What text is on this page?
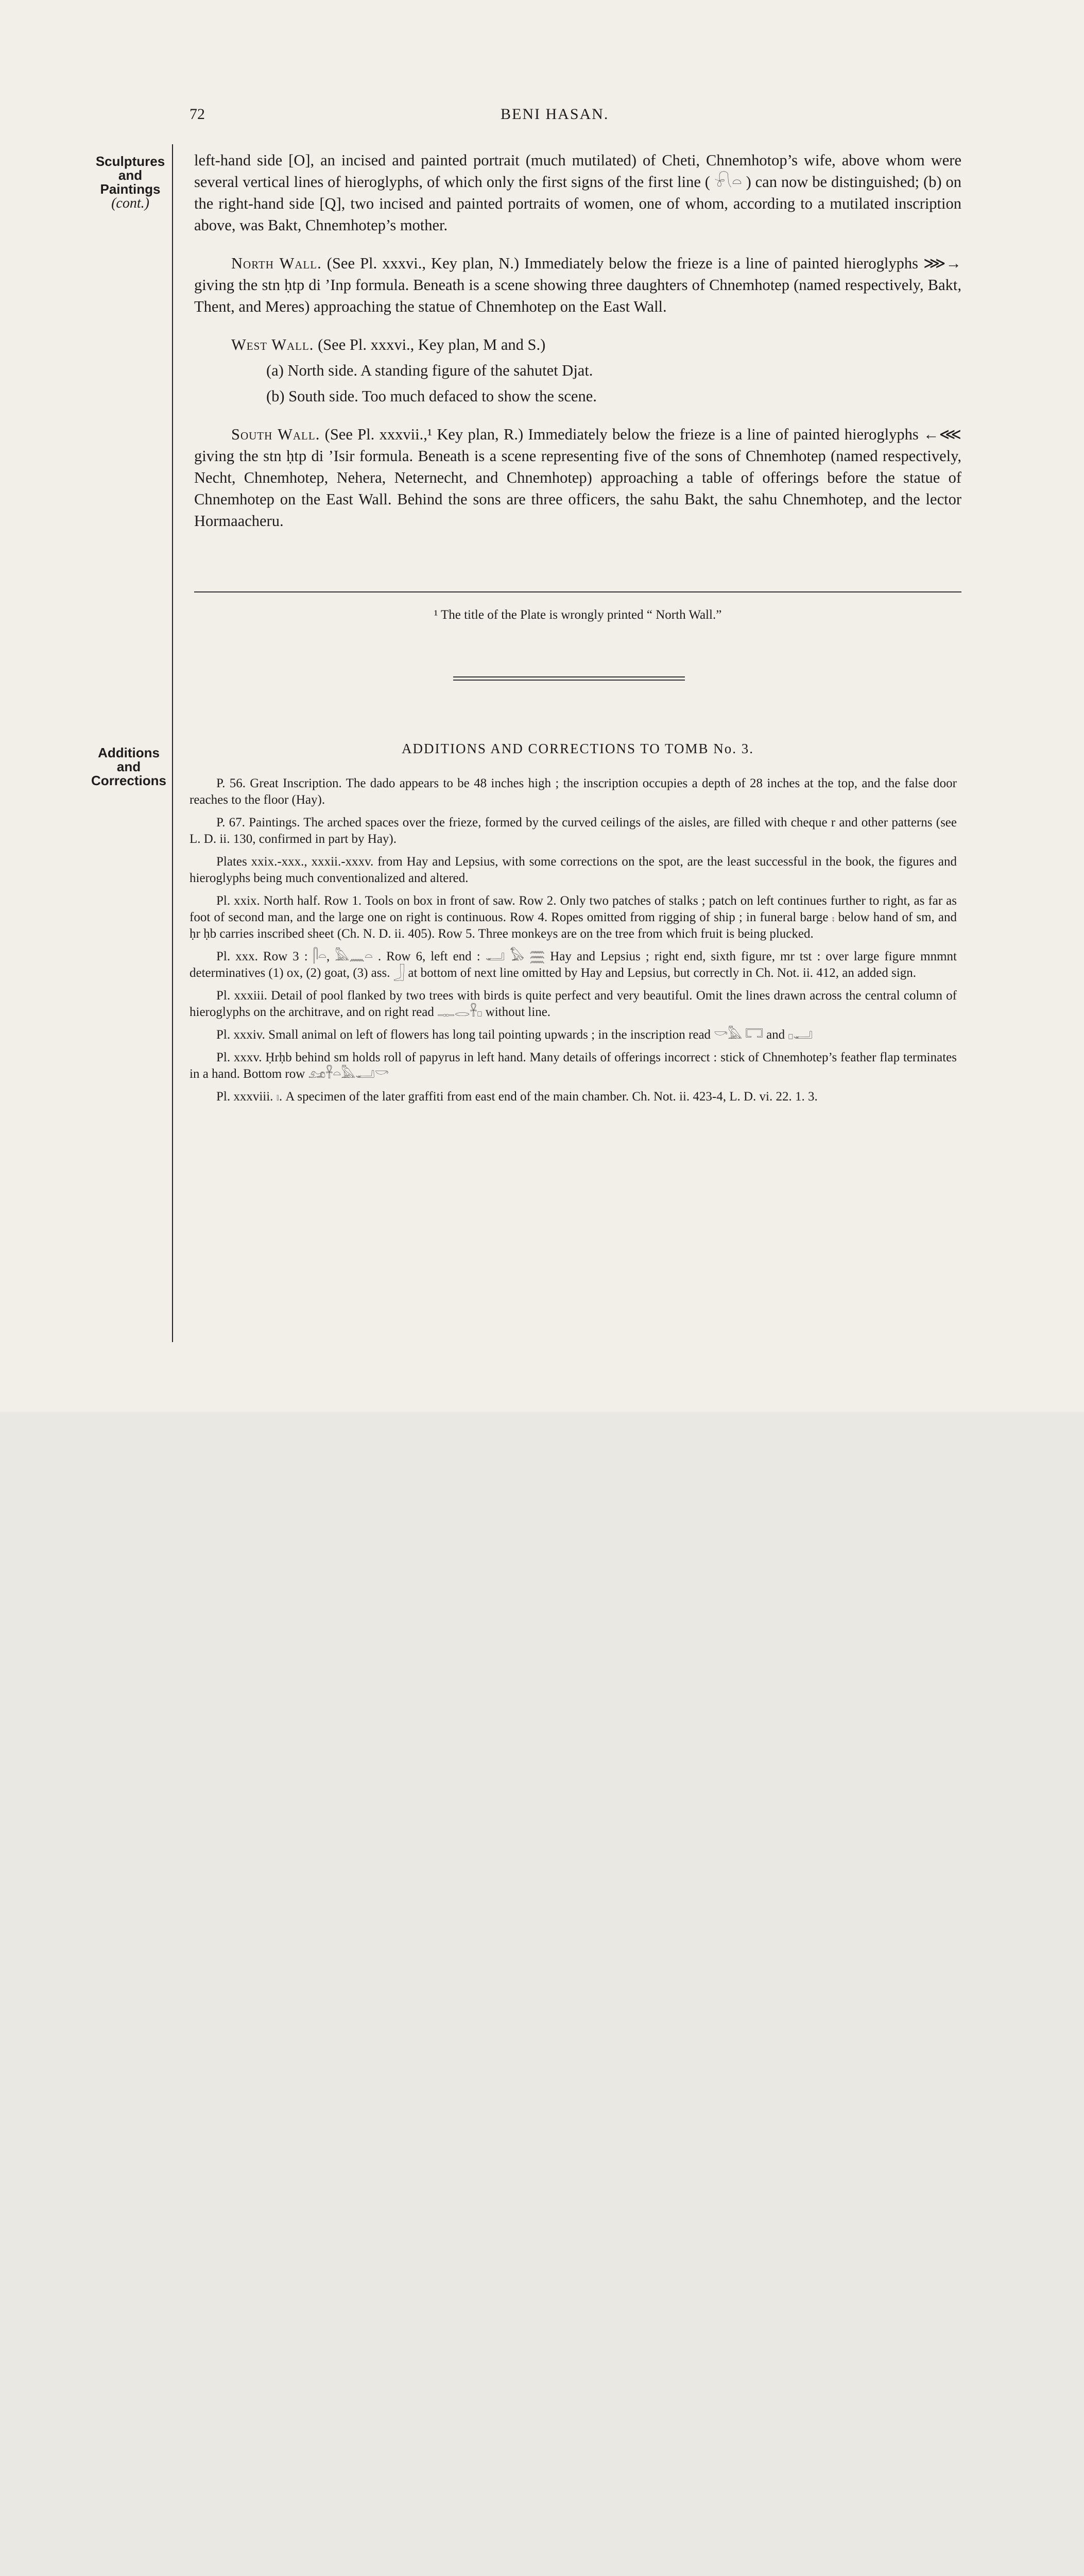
72	BENI HASAN.
Sculptures
and
Paintings
(cont.)
Additions
and
Corrections

left-hand side [O], an incised and painted portrait (much mutilated) of Cheti, Chnemhotop’s wife, above whom were several vertical lines of hieroglyphs, of which only the first signs of the first line ( 𓍯𓏏 ) can now be distinguished; (b) on the right-hand side [Q], two incised and painted portraits of women, one of whom, according to a mutilated inscription above, was Bakt, Chnemhotep’s mother.

North Wall. (See Pl. xxxvi., Key plan, N.) Immediately below the frieze is a line of painted hieroglyphs ⋙→ giving the stn ḥtp di ’Inp formula. Beneath is a scene showing three daughters of Chnemhotep (named respectively, Bakt, Thent, and Meres) approaching the statue of Chnemhotep on the East Wall.

West Wall. (See Pl. xxxvi., Key plan, M and S.)

(a) North side. A standing figure of the sahutet Djat.

(b) South side. Too much defaced to show the scene.

South Wall. (See Pl. xxxvii.,¹ Key plan, R.) Immediately below the frieze is a line of painted hieroglyphs ←⋘ giving the stn ḥtp di ’Isir formula. Beneath is a scene representing five of the sons of Chnemhotep (named respectively, Necht, Chnemhotep, Nehera, Neternecht, and Chnemhotep) approaching a table of offerings before the statue of Chnemhotep on the East Wall. Behind the sons are three officers, the sahu Bakt, the sahu Chnemhotep, and the lector Hormaacheru.

¹ The title of the Plate is wrongly printed “ North Wall.”
ADDITIONS AND CORRECTIONS TO TOMB No. 3.

P. 56. Great Inscription. The dado appears to be 48 inches high ; the inscription occupies a depth of 28 inches at the top, and the false door reaches to the floor (Hay).

P. 67. Paintings. The arched spaces over the frieze, formed by the curved ceilings of the aisles, are filled with cheque r and other patterns (see L. D. ii. 130, confirmed in part by Hay).

Plates xxix.-xxx., xxxii.-xxxv. from Hay and Lepsius, with some corrections on the spot, are the least successful in the book, the figures and hieroglyphs being much conventionalized and altered.

Pl. xxix. North half. Row 1. Tools on box in front of saw. Row 2. Only two patches of stalks ; patch on left continues further to right, as far as foot of second man, and the large one on right is continuous. Row 4. Ropes omitted from rigging of ship ; in funeral barge ⨾ below hand of sm, and ḥr ḥb carries inscribed sheet (Ch. N. D. ii. 405). Row 5. Three monkeys are on the tree from which fruit is being plucked.

Pl. xxx. Row 3 : 𓋴𓏏, 𓅓𓈖𓏏 . Row 6, left end : 𓂝 𓅃 𓈗 Hay and Lepsius ; right end, sixth figure, mr tst : over large figure mnmnt determinatives (1) ox, (2) goat, (3) ass. 𓃀 at bottom of next line omitted by Hay and Lepsius, but correctly in Ch. Not. ii. 412, an added sign.

Pl. xxxiii. Detail of pool flanked by two trees with birds is quite perfect and very beautiful. Omit the lines drawn across the central column of hieroglyphs on the architrave, and on right read 𓊃𓂋𓋹𓊪 without line.

Pl. xxxiv. Small animal on left of flowers has long tail pointing upwards ; in the inscription read 𓎡𓅓 𓉐 and 𓊪𓂝

Pl. xxxv. Ḥrḥb behind sm holds roll of papyrus in left hand. Many details of offerings incorrect : stick of Chnemhotep’s feather flap terminates in a hand. Bottom row 𓃭𓋹𓏏𓅓𓂝𓎡

Pl. xxxviii. 𓏤. A specimen of the later graffiti from east end of the main chamber. Ch. Not. ii. 423-4, L. D. vi. 22. 1. 3.
